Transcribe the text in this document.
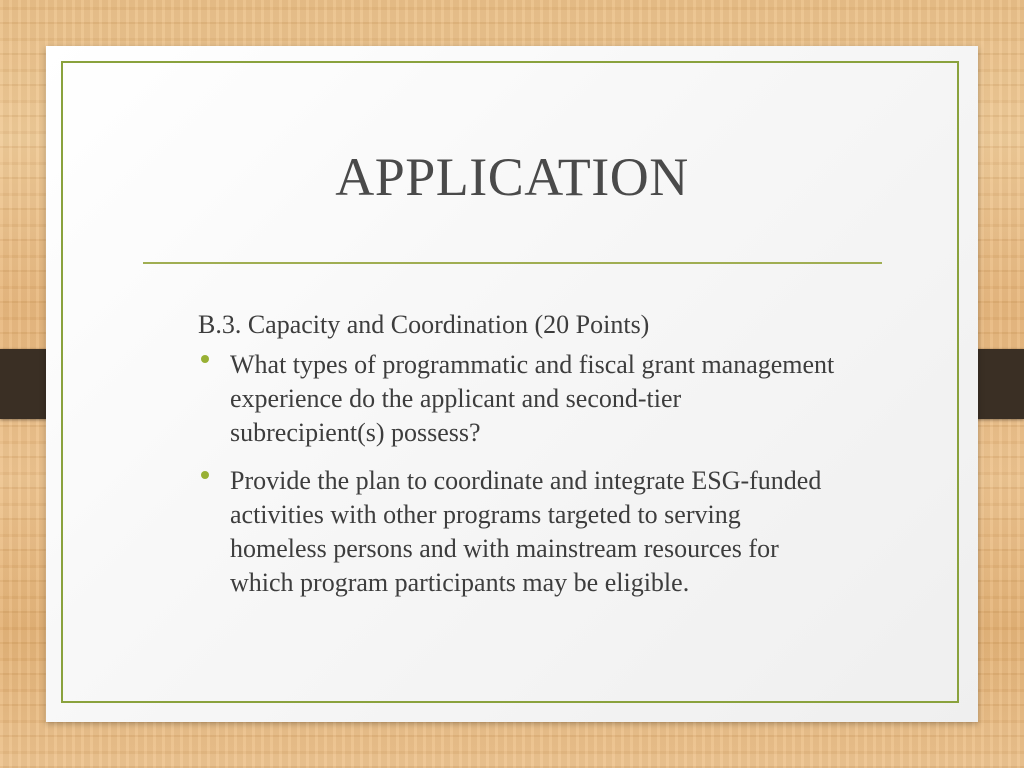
APPLICATION

B.3. Capacity and Coordination (20 Points)

What types of programmatic and fiscal grant management experience do the applicant and second-tier subrecipient(s) possess?
Provide the plan to coordinate and integrate ESG-funded activities with other programs targeted to serving homeless persons and with mainstream resources for which program participants may be eligible.
